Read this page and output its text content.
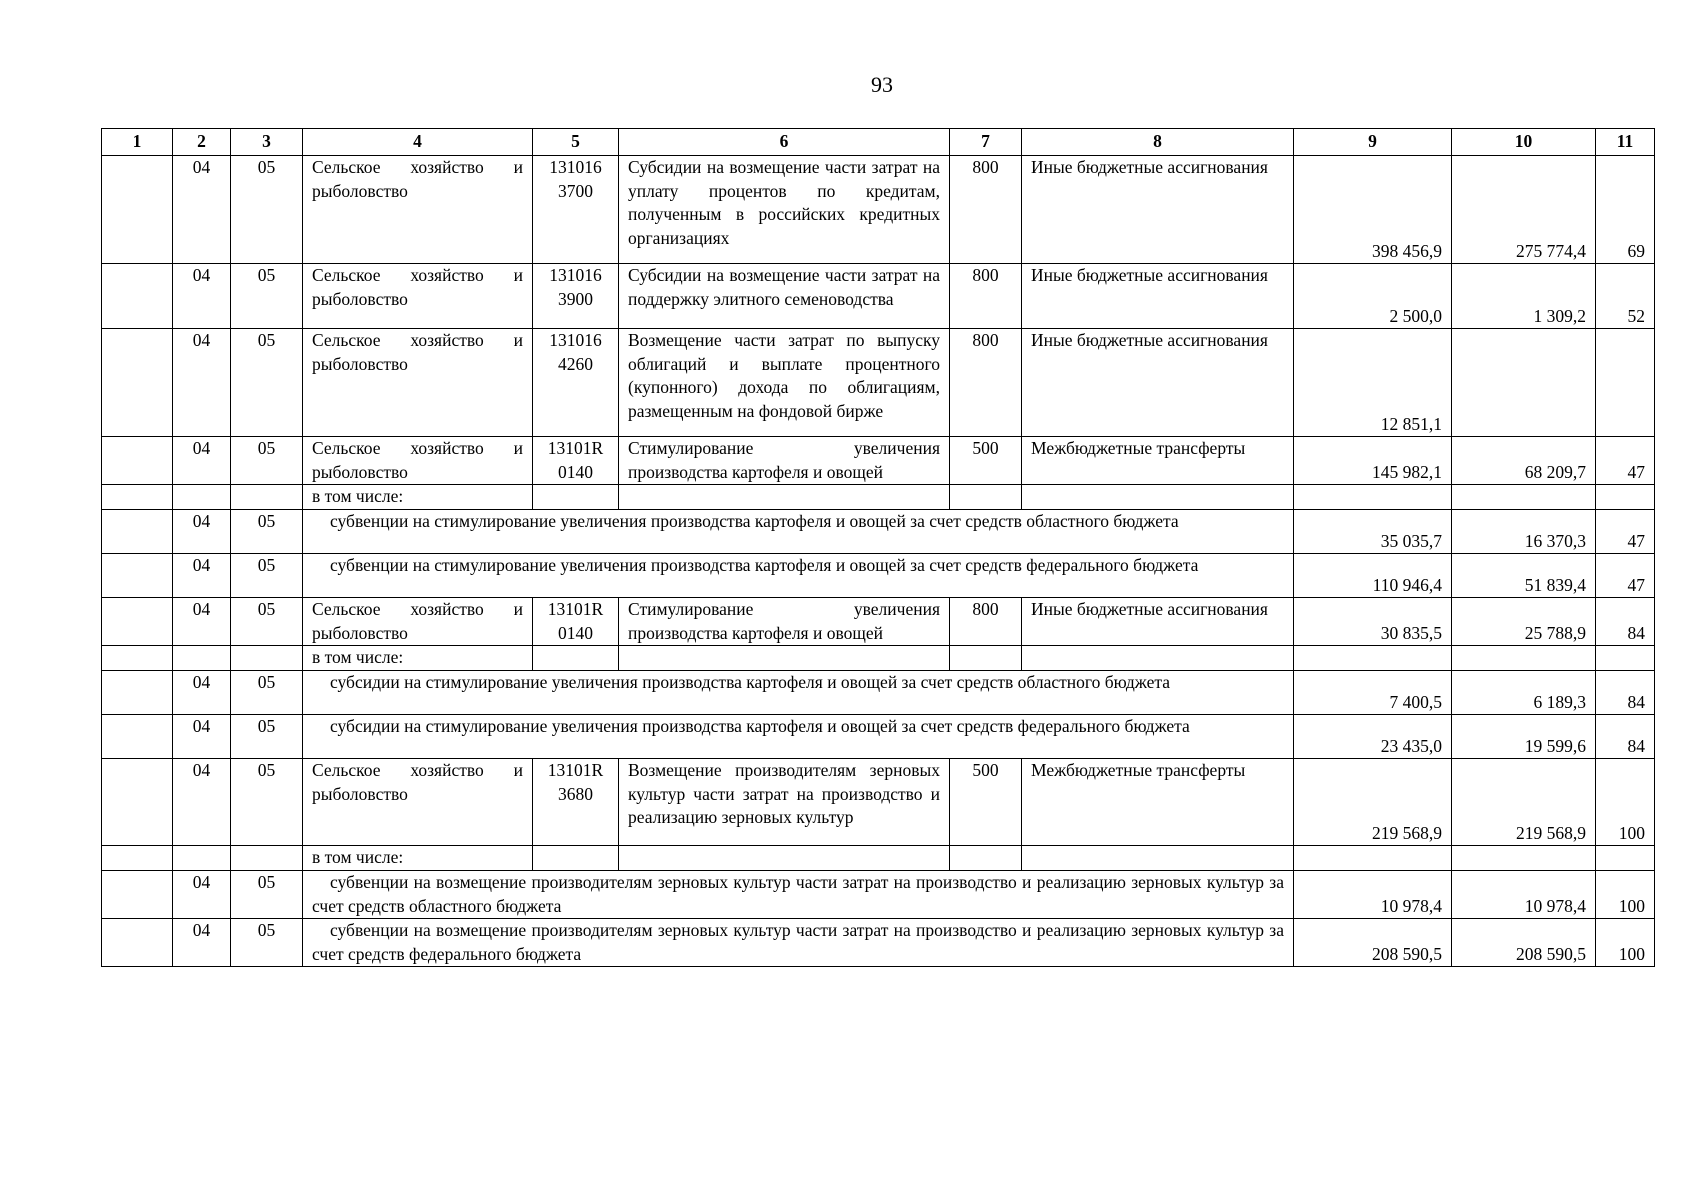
93
1	2	3	4	5	6	7	8	9	10	11
	04	05	Сельское хозяйство и рыболовство	131016 3700	Субсидии на возмещение части затрат на уплату процентов по кредитам, полученным в российских кредитных организациях	800	Иные бюджетные ассигнования	398 456,9	275 774,4	69
	04	05	Сельское хозяйство и рыболовство	131016 3900	Субсидии на возмещение части затрат на поддержку элитного семеноводства	800	Иные бюджетные ассигнования	2 500,0	1 309,2	52
	04	05	Сельское хозяйство и рыболовство	131016 4260	Возмещение части затрат по выпуску облигаций и выплате процентного (купонного) дохода по облигациям, размещенным на фондовой бирже	800	Иные бюджетные ассигнования	12 851,1		
	04	05	Сельское хозяйство и рыболовство	13101R 0140	Стимулирование увеличения производства картофеля и овощей	500	Межбюджетные трансферты	145 982,1	68 209,7	47
			в том числе:							
	04	05	субвенции на стимулирование увеличения производства картофеля и овощей за счет средств областного бюджета					35 035,7	16 370,3	47
	04	05	субвенции на стимулирование увеличения производства картофеля и овощей за счет средств федерального бюджета					110 946,4	51 839,4	47
	04	05	Сельское хозяйство и рыболовство	13101R 0140	Стимулирование увеличения производства картофеля и овощей	800	Иные бюджетные ассигнования	30 835,5	25 788,9	84
			в том числе:							
	04	05	субсидии на стимулирование увеличения производства картофеля и овощей за счет средств областного бюджета					7 400,5	6 189,3	84
	04	05	субсидии на стимулирование увеличения производства картофеля и овощей за счет средств федерального бюджета					23 435,0	19 599,6	84
	04	05	Сельское хозяйство и рыболовство	13101R 3680	Возмещение производителям зерновых культур части затрат на производство и реализацию зерновых культур	500	Межбюджетные трансферты	219 568,9	219 568,9	100
			в том числе:							
	04	05	субвенции на возмещение производителям зерновых культур части затрат на производство и реализацию зерновых культур за счет средств областного бюджета					10 978,4	10 978,4	100
	04	05	субвенции на возмещение производителям зерновых культур части затрат на производство и реализацию зерновых культур за счет средств федерального бюджета					208 590,5	208 590,5	100
